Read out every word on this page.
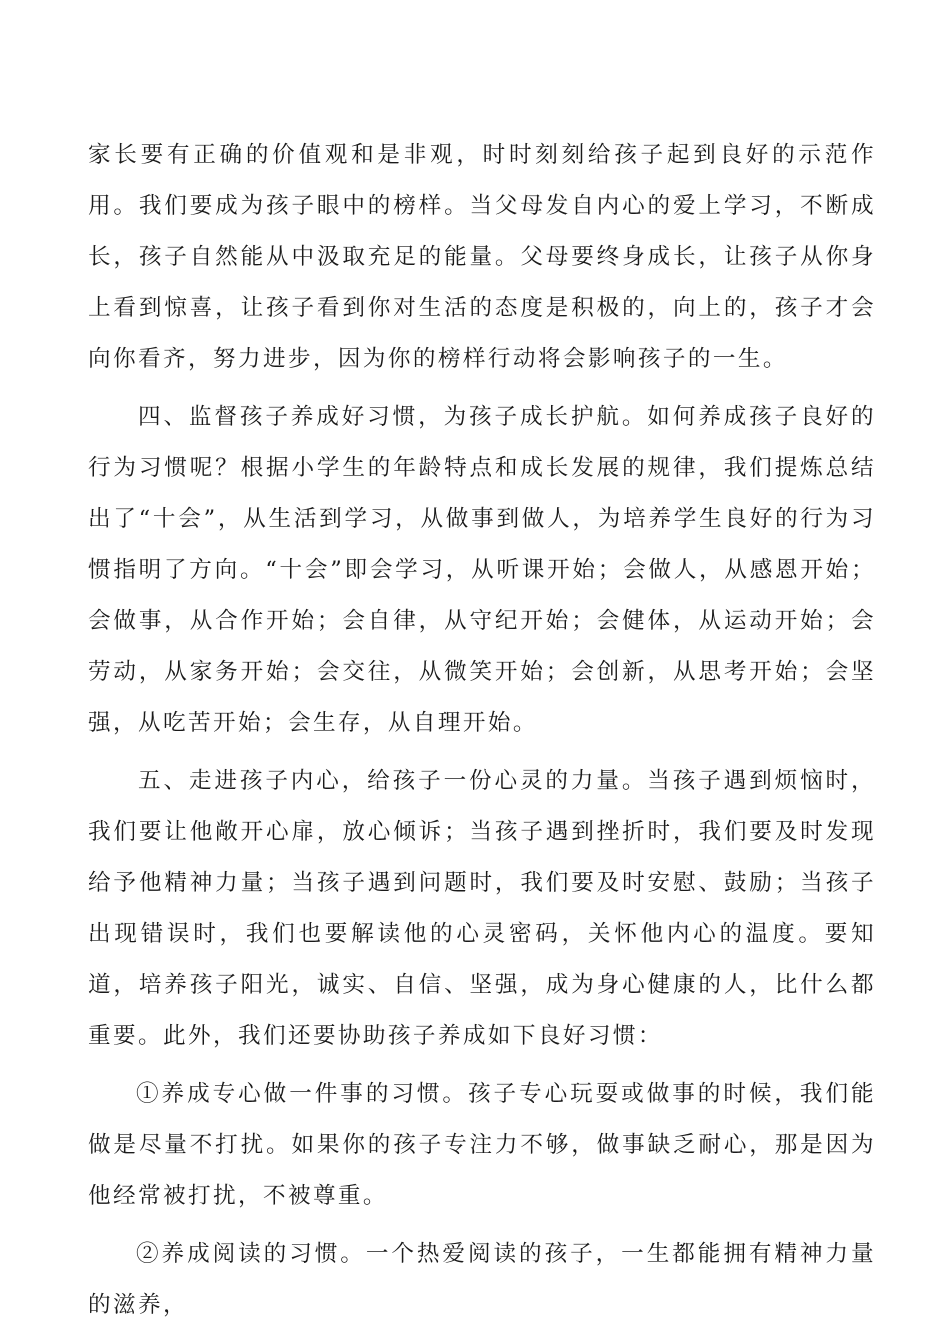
家长要有正确的价值观和是非观，时时刻刻给孩子起到良好的示范作用。我们要成为孩子眼中的榜样。当父母发自内心的爱上学习，不断成长，孩子自然能从中汲取充足的能量。父母要终身成长，让孩子从你身上看到惊喜，让孩子看到你对生活的态度是积极的，向上的，孩子才会向你看齐，努力进步，因为你的榜样行动将会影响孩子的一生。

四、监督孩子养成好习惯，为孩子成长护航。如何养成孩子良好的行为习惯呢？根据小学生的年龄特点和成长发展的规律，我们提炼总结出了“十会”，从生活到学习，从做事到做人，为培养学生良好的行为习惯指明了方向。“十会”即会学习，从听课开始；会做人，从感恩开始；会做事，从合作开始；会自律，从守纪开始；会健体，从运动开始；会劳动，从家务开始；会交往，从微笑开始；会创新，从思考开始；会坚强，从吃苦开始；会生存，从自理开始。

五、走进孩子内心，给孩子一份心灵的力量。当孩子遇到烦恼时，我们要让他敞开心扉，放心倾诉；当孩子遇到挫折时，我们要及时发现给予他精神力量；当孩子遇到问题时，我们要及时安慰、鼓励；当孩子出现错误时，我们也要解读他的心灵密码，关怀他内心的温度。要知道，培养孩子阳光，诚实、自信、坚强，成为身心健康的人，比什么都重要。此外，我们还要协助孩子养成如下良好习惯：

①养成专心做一件事的习惯。孩子专心玩耍或做事的时候，我们能做是尽量不打扰。如果你的孩子专注力不够，做事缺乏耐心，那是因为他经常被打扰，不被尊重。

②养成阅读的习惯。一个热爱阅读的孩子，一生都能拥有精神力量的滋养，
